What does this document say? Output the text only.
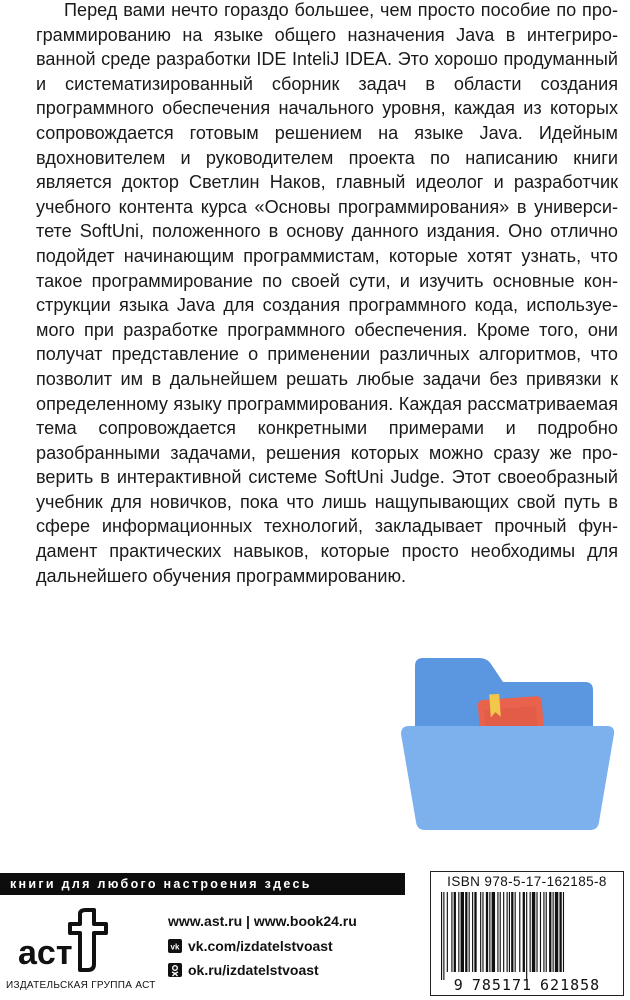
Перед вами нечто гораздо большее, чем просто пособие по программированию на языке общего назначения Java в интегрированной среде разработки IDE InteliJ IDEA. Это хорошо продуманный и систематизированный сборник задач в области создания программного обеспечения начального уровня, каждая из которых сопровождается готовым решением на языке Java. Идейным вдохновителем и руководителем проекта по написанию книги является доктор Светлин Наков, главный идеолог и разработчик учебного контента курса «Основы программирования» в университете SoftUni, положенного в основу данного издания. Оно отлично подойдет начинающим программистам, которые хотят узнать, что такое программирование по своей сути, и изучить основные конструкции языка Java для создания программного кода, используемого при разработке программного обеспечения. Кроме того, они получат представление о применении различных алгоритмов, что позволит им в дальнейшем решать любые задачи без привязки к определенному языку программирования. Каждая рассматриваемая тема сопровождается конкретными примерами и подробно разобранными задачами, решения которых можно сразу же проверить в интерактивной системе SoftUni Judge. Этот своеобразный учебник для новичков, пока что лишь нащупывающих свой путь в сфере информационных технологий, закладывает прочный фундамент практических навыков, которые просто необходимы для дальнейшего обучения программированию.

книги для любого настроения здесь
аст
ИЗДАТЕЛЬСКАЯ ГРУППА АСТ
www.ast.ru | www.book24.ru
vk vk.com/izdatelstvoast
ok.ru/izdatelstvoast
ISBN 978-5-17-162185-8
9 785171 621858
